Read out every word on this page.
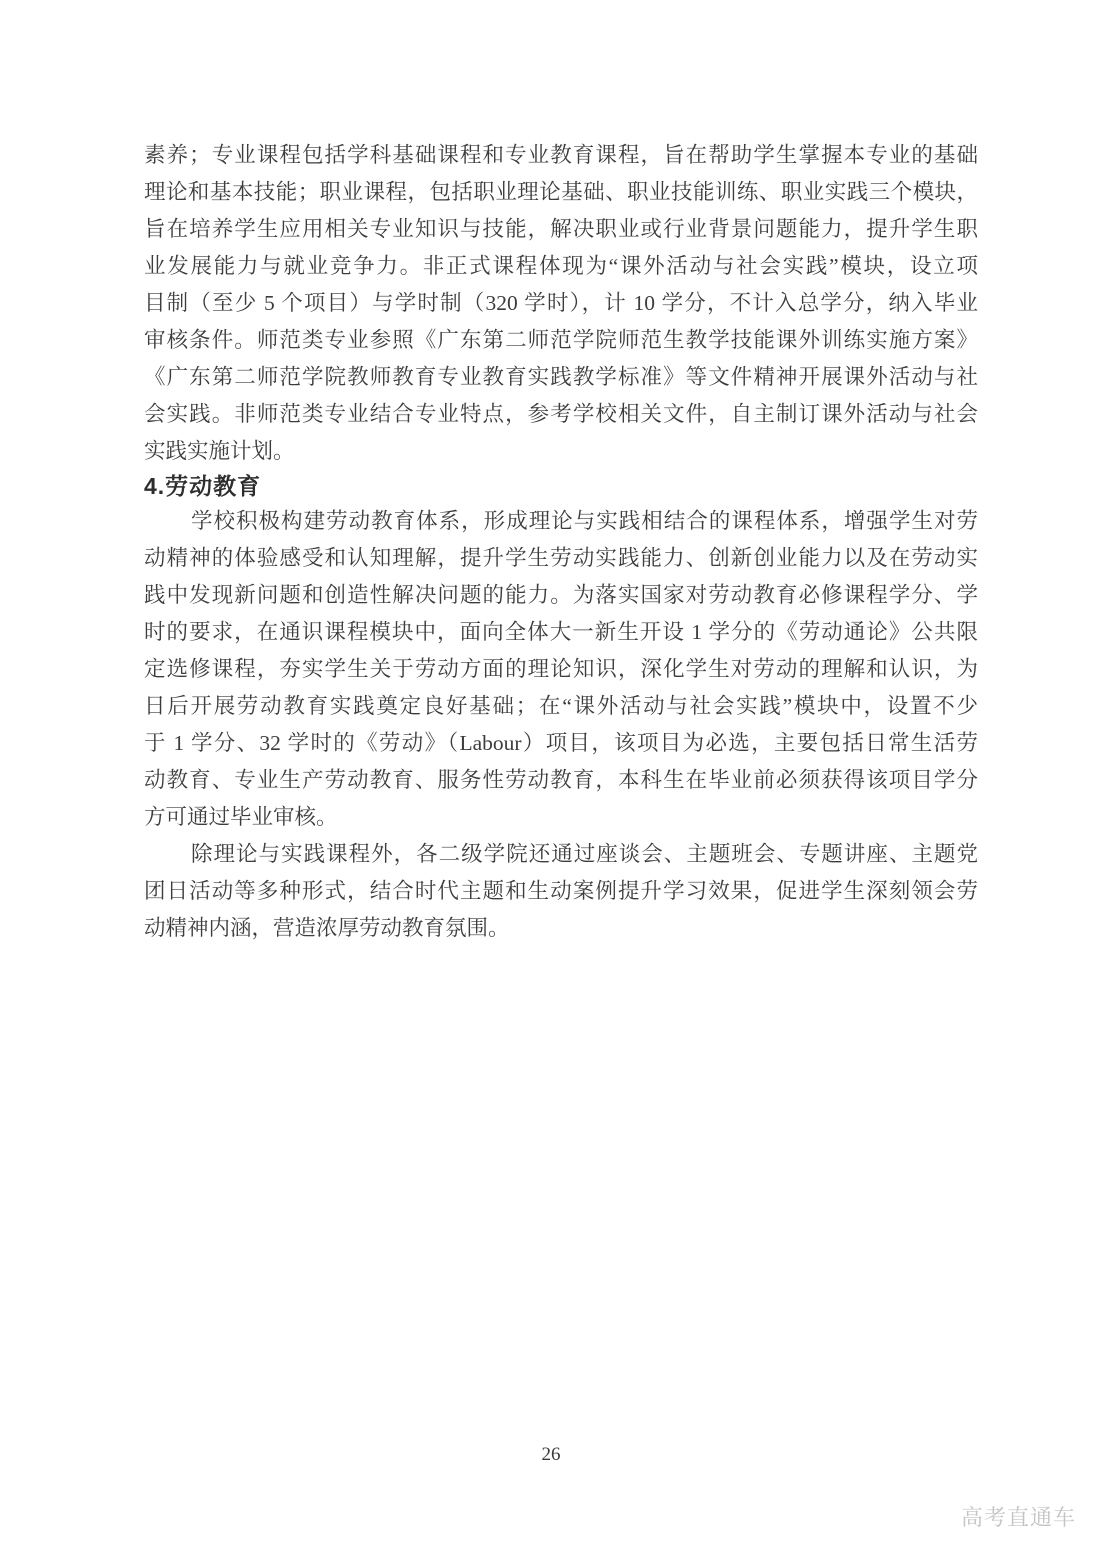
素养；专业课程包括学科基础课程和专业教育课程，旨在帮助学生掌握本专业的基础

理论和基本技能；职业课程，包括职业理论基础、职业技能训练、职业实践三个模块，

旨在培养学生应用相关专业知识与技能，解决职业或行业背景问题能力，提升学生职

业发展能力与就业竞争力。非正式课程体现为“课外活动与社会实践”模块，设立项

目制（至少 5 个项目）与学时制（320 学时），计 10 学分，不计入总学分，纳入毕业

审核条件。师范类专业参照《广东第二师范学院师范生教学技能课外训练实施方案》

《广东第二师范学院教师教育专业教育实践教学标准》等文件精神开展课外活动与社

会实践。非师范类专业结合专业特点，参考学校相关文件，自主制订课外活动与社会

实践实施计划。

4.劳动教育

学校积极构建劳动教育体系，形成理论与实践相结合的课程体系，增强学生对劳

动精神的体验感受和认知理解，提升学生劳动实践能力、创新创业能力以及在劳动实

践中发现新问题和创造性解决问题的能力。为落实国家对劳动教育必修课程学分、学

时的要求，在通识课程模块中，面向全体大一新生开设 1 学分的《劳动通论》公共限

定选修课程，夯实学生关于劳动方面的理论知识，深化学生对劳动的理解和认识，为

日后开展劳动教育实践奠定良好基础；在“课外活动与社会实践”模块中，设置不少

于 1 学分、32 学时的《劳动》（Labour）项目，该项目为必选，主要包括日常生活劳

动教育、专业生产劳动教育、服务性劳动教育，本科生在毕业前必须获得该项目学分

方可通过毕业审核。

除理论与实践课程外，各二级学院还通过座谈会、主题班会、专题讲座、主题党

团日活动等多种形式，结合时代主题和生动案例提升学习效果，促进学生深刻领会劳

动精神内涵，营造浓厚劳动教育氛围。

26
高考直通车
